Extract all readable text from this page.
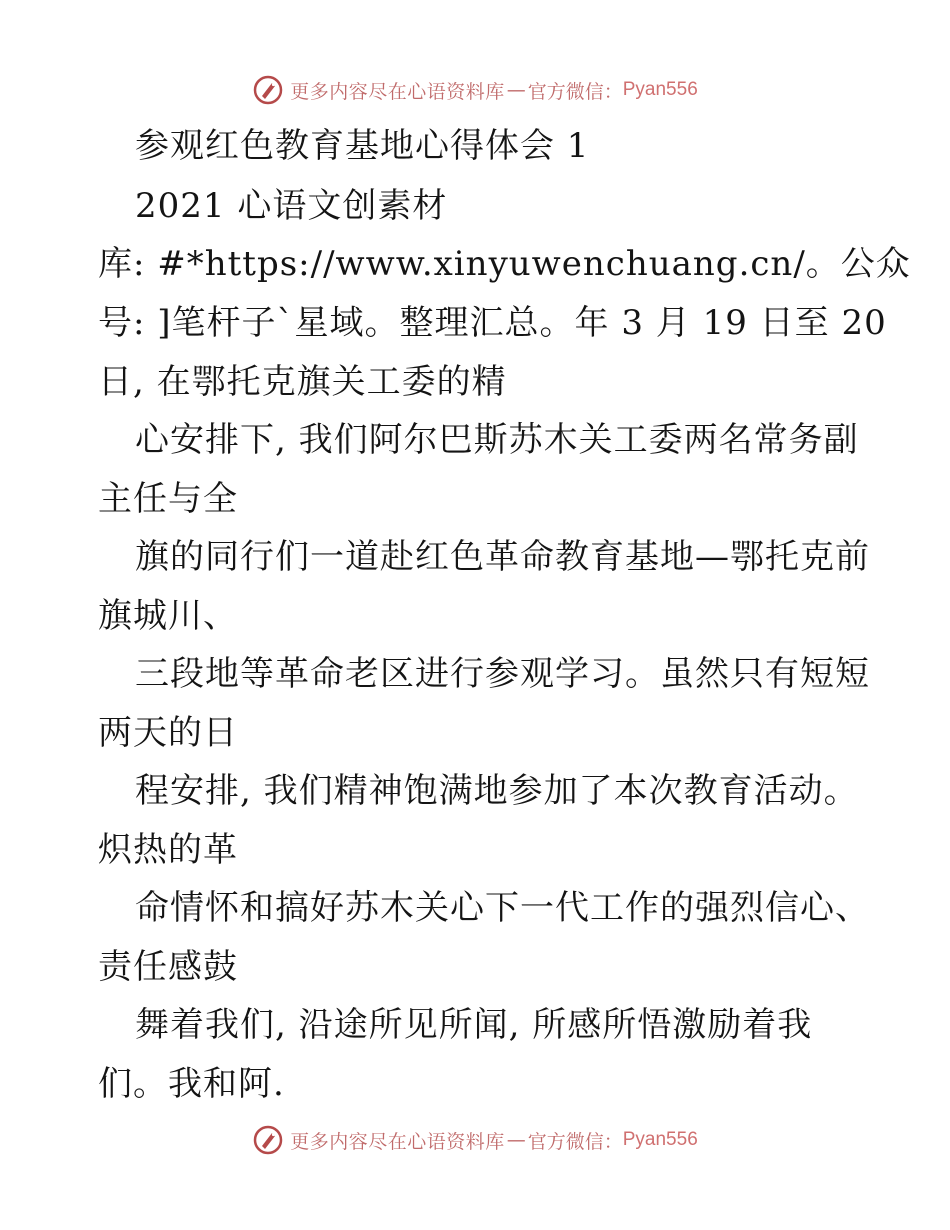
更多内容尽在心语资料库 — 官方微信： Pyan556
参观红色教育基地心得体会 1
2021 心语文创素材
库: #*https://www.xinyuwenchuang.cn/。公众
号: ]笔杆子`星域。整理汇总。年 3 月 19 日至 20
日, 在鄂托克旗关工委的精
心安排下, 我们阿尔巴斯苏木关工委两名常务副
主任与全
旗的同行们一道赴红色革命教育基地—鄂托克前
旗城川、
三段地等革命老区进行参观学习。虽然只有短短
两天的日
程安排, 我们精神饱满地参加了本次教育活动。
炽热的革
命情怀和搞好苏木关心下一代工作的强烈信心、
责任感鼓
舞着我们, 沿途所见所闻, 所感所悟激励着我
们。我和阿.
更多内容尽在心语资料库 — 官方微信： Pyan556
